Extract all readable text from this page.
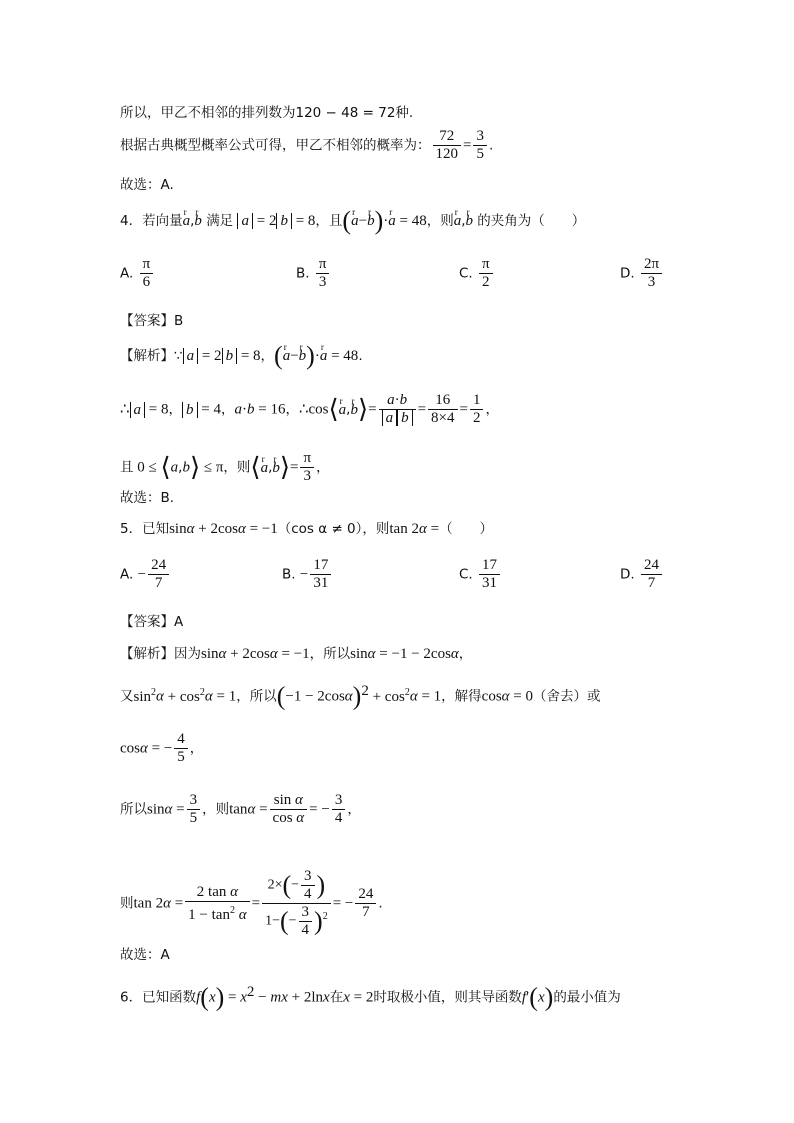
所以，甲乙不相邻的排列数为120 − 48 = 72种.
根据古典概型概率公式可得，甲乙不相邻的概率为： $\frac{72}{120} = \frac{3}{5}$ .
故选：A.
4．若向量r a,r b 满足 a = 2 b = 8，且(r a−r b)·r a = 48，则r a,r b 的夹角为（　　）
A. $\frac{\pi}{6}$	B. $\frac{\pi}{3}$	C. $\frac{\pi}{2}$	D. $\frac{2\pi}{3}$
【答案】B
【解析】∵ a = 2 b = 8，(r a−r b)·r a = 48.
∴ a = 8， b = 4，a·b = 16，∴cos⟨r a,r b⟩= $\frac{a\cdot b}{\text{a b}} = \frac{16}{8\times 4} = \frac{1}{2}$ ，
且 0 ≤ ⟨a,b⟩ ≤ π，则⟨r a,r b⟩= $\frac{\pi}{3}$ ，
故选：B.
5．已知sinα + 2cosα = −1（cos α ≠ 0），则tan 2α =（　　）
A. − $\frac{24}{7}$	B. − $\frac{17}{31}$	C. $\frac{17}{31}$	D. $\frac{24}{7}$
【答案】A
【解析】因为sinα + 2cosα = −1，所以sinα = −1 − 2cosα，
又$\sin^2\alpha + \cos^2\alpha = 1$，所以$(-1 - 2\cos\alpha)^2 + \cos^2\alpha = 1$，解得cosα = 0（舍去）或
cosα = − $\frac{4}{5}$ ，
所以$\sin\alpha = \frac{3}{5}$ ，则$\tan\alpha = \frac{\text{sin α}}{\text{cos α}}$ = − $\frac{3}{4}$ ，
则$\tan 2\alpha = \frac{\text{2 tan α}}{1 - \tan^2 \alpha} = \frac{2\times(- \frac{3}{4} )}{1-(- \frac{3}{4} )^2}$ = − $\frac{24}{7}$ .
故选：A
6．已知函数$f(x) = x^2$ − mx + 2lnx在x = 2时取极小值，则其导函数f′(x)的最小值为
